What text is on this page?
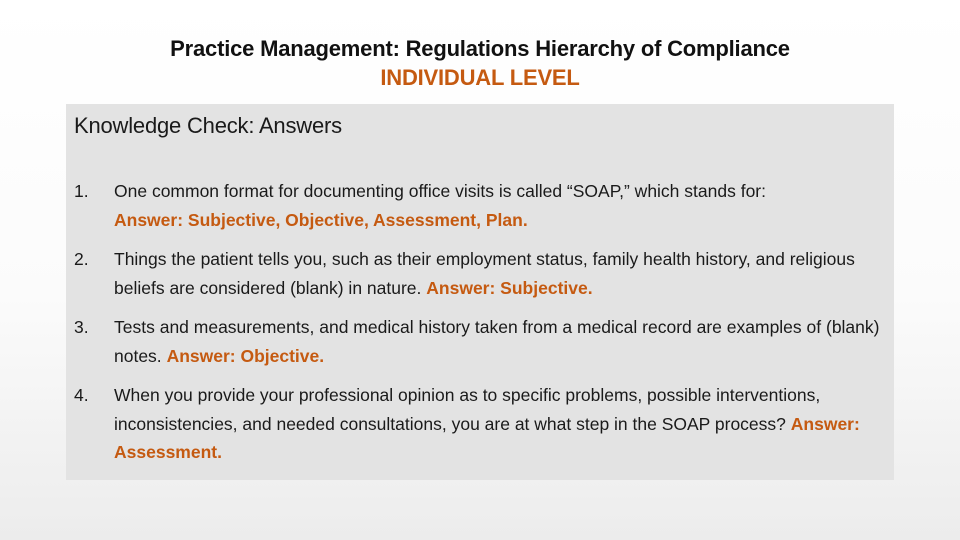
Practice Management: Regulations Hierarchy of Compliance
INDIVIDUAL LEVEL
Knowledge Check: Answers
1. One common format for documenting office visits is called “SOAP,” which stands for:
Answer: Subjective, Objective, Assessment, Plan.
2. Things the patient tells you, such as their employment status, family health history, and religious beliefs are considered (blank) in nature. Answer: Subjective.
3. Tests and measurements, and medical history taken from a medical record are examples of (blank) notes. Answer: Objective.
4. When you provide your professional opinion as to specific problems, possible interventions, inconsistencies, and needed consultations, you are at what step in the SOAP process? Answer: Assessment.
